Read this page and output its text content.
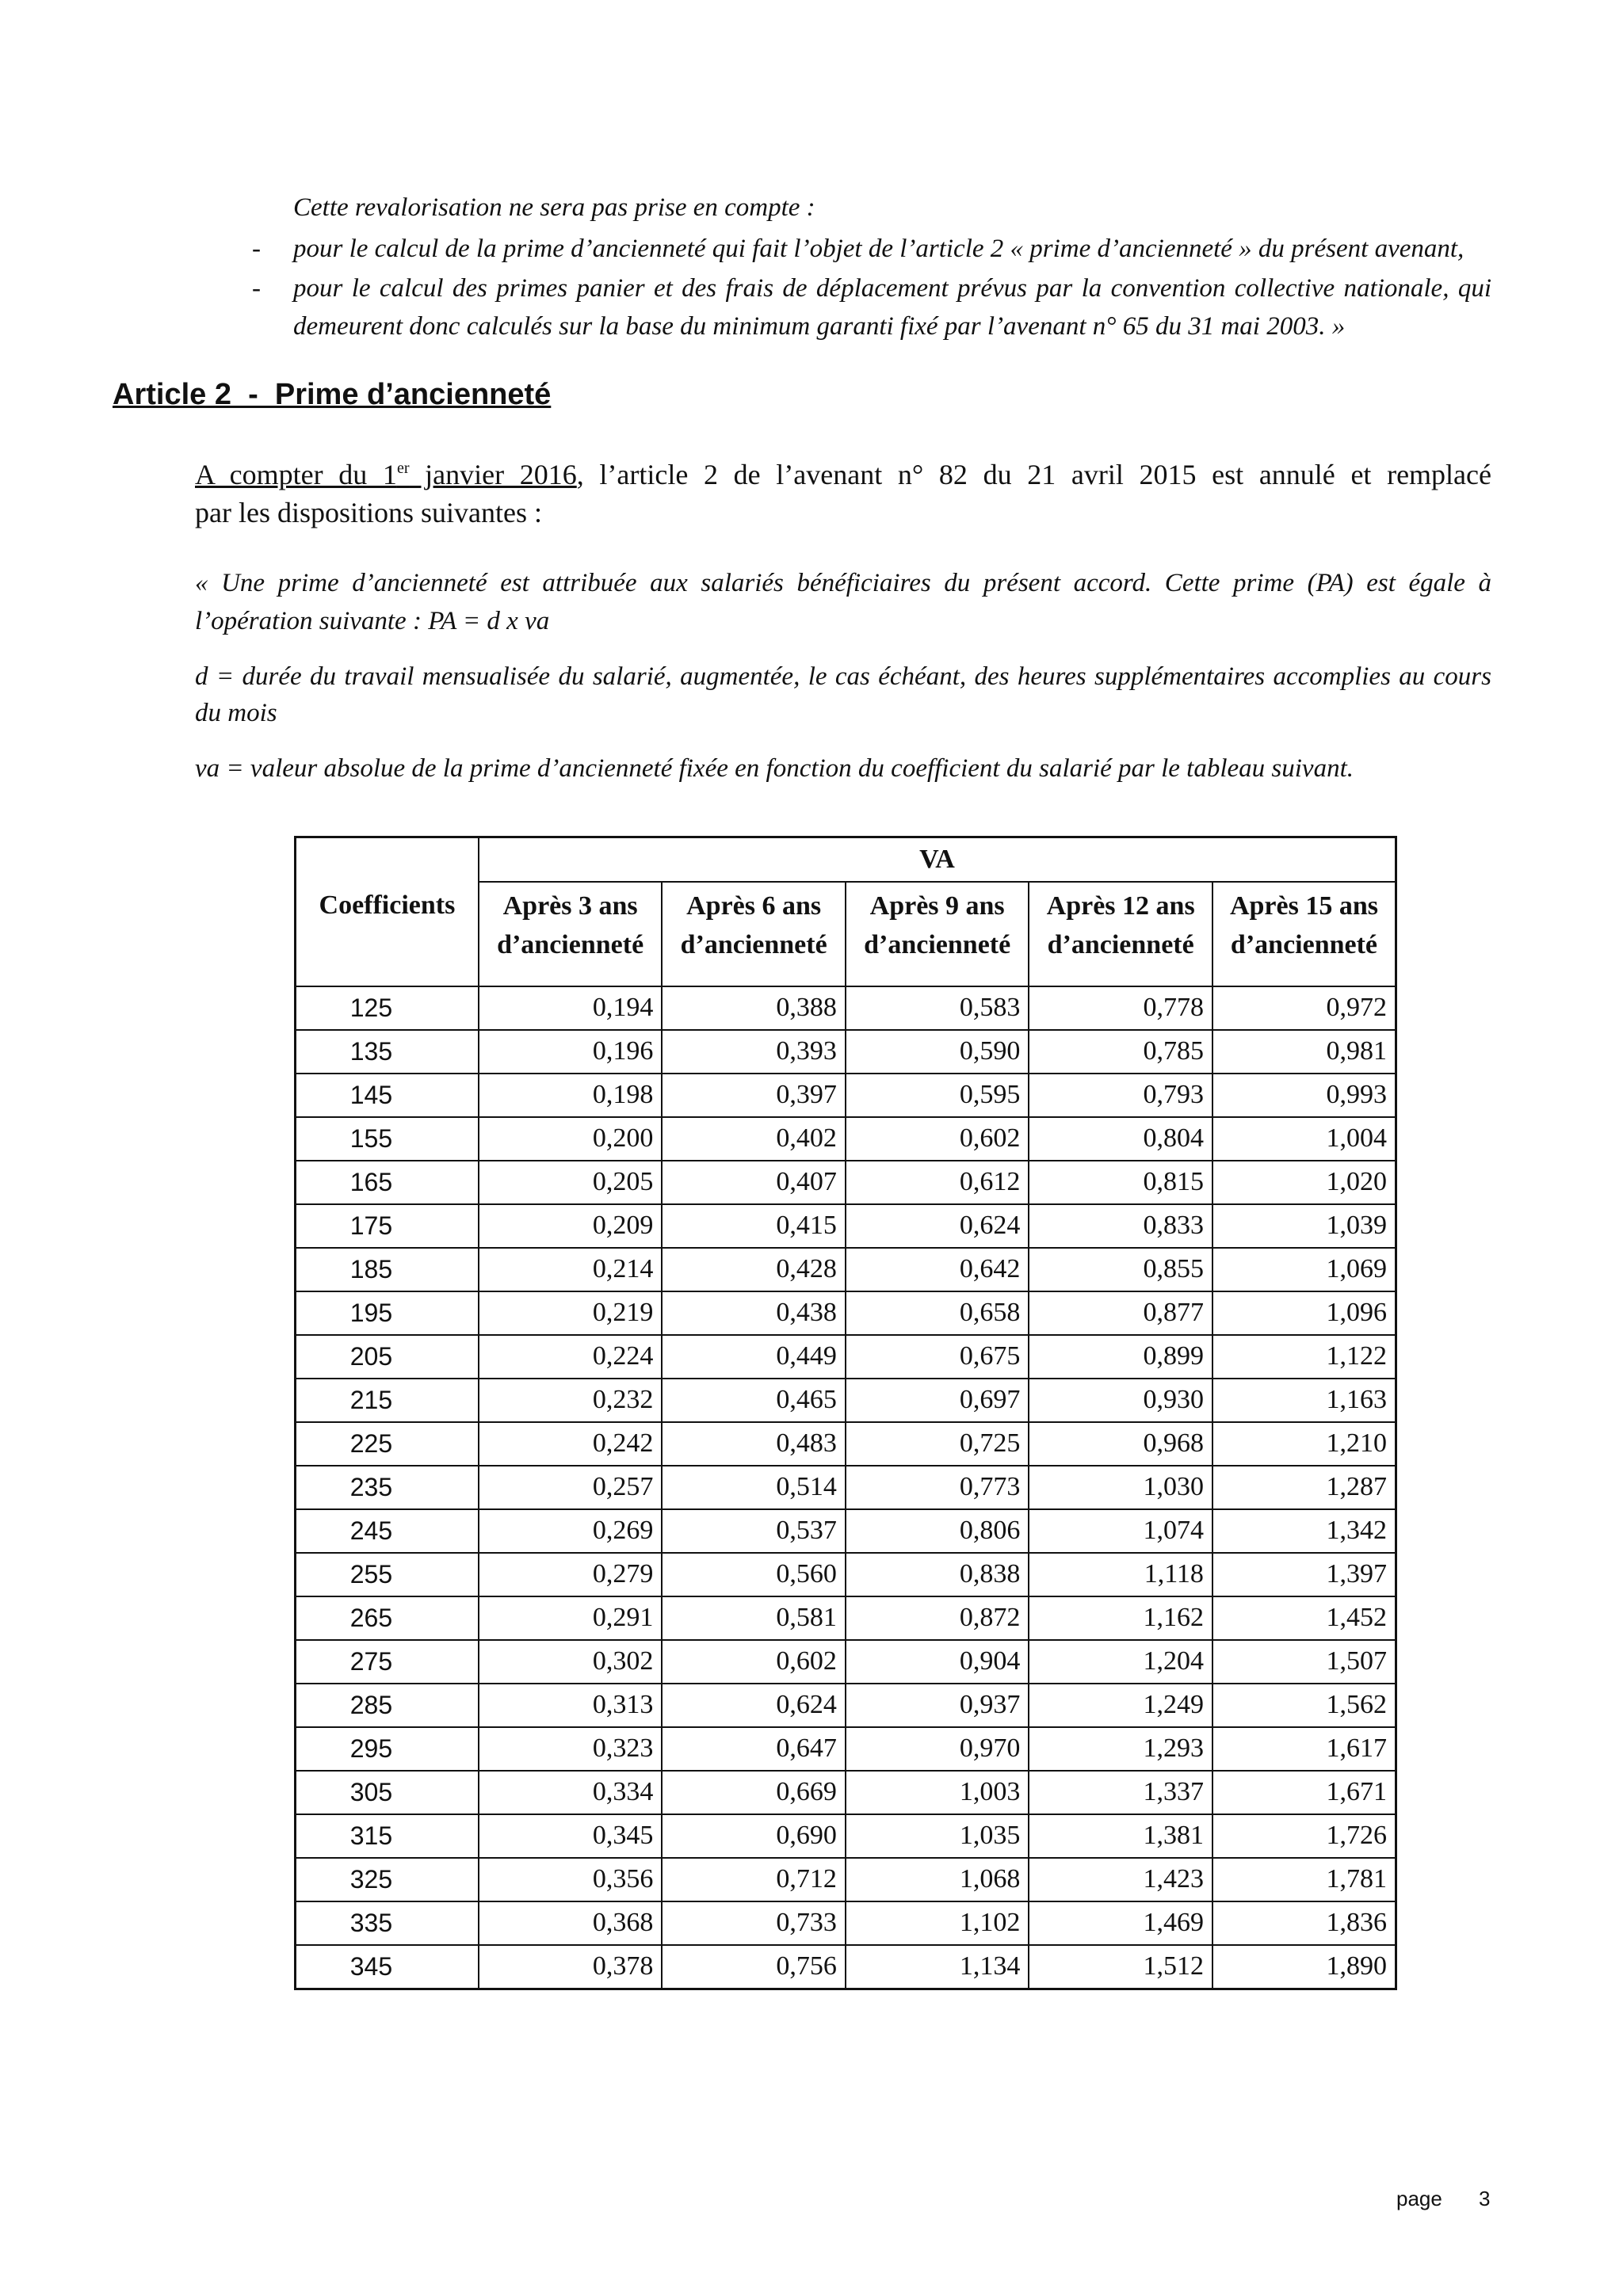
Cette revalorisation ne sera pas prise en compte :
- pour le calcul de la prime d’ancienneté qui fait l’objet de l’article 2 « prime d’ancienneté » du présent avenant,
- pour le calcul des primes panier et des frais de déplacement prévus par la convention collective nationale, qui
demeurent donc calculés sur la base du minimum garanti fixé par l’avenant n° 65 du 31 mai 2003. »
Article 2  -  Prime d’ancienneté
A compter du 1er janvier 2016, l’article 2 de l’avenant n° 82 du 21 avril 2015 est annulé et remplacé
par les dispositions suivantes :
« Une prime d’ancienneté est attribuée aux salariés bénéficiaires du présent accord. Cette prime (PA) est égale à
l’opération suivante : PA = d x va
d = durée du travail mensualisée du salarié, augmentée, le cas échéant, des heures supplémentaires accomplies au cours
du mois
va = valeur absolue de la prime d’ancienneté fixée en fonction du coefficient du salarié par le tableau suivant.
	VA				
Coefficients	Après 3 ans	Après 6 ans	Après 9 ans	Après 12 ans	Après 15 ans
	d’ancienneté	d’ancienneté	d’ancienneté	d’ancienneté	d’ancienneté
125	0,194	0,388	0,583	0,778	0,972
135	0,196	0,393	0,590	0,785	0,981
145	0,198	0,397	0,595	0,793	0,993
155	0,200	0,402	0,602	0,804	1,004
165	0,205	0,407	0,612	0,815	1,020
175	0,209	0,415	0,624	0,833	1,039
185	0,214	0,428	0,642	0,855	1,069
195	0,219	0,438	0,658	0,877	1,096
205	0,224	0,449	0,675	0,899	1,122
215	0,232	0,465	0,697	0,930	1,163
225	0,242	0,483	0,725	0,968	1,210
235	0,257	0,514	0,773	1,030	1,287
245	0,269	0,537	0,806	1,074	1,342
255	0,279	0,560	0,838	1,118	1,397
265	0,291	0,581	0,872	1,162	1,452
275	0,302	0,602	0,904	1,204	1,507
285	0,313	0,624	0,937	1,249	1,562
295	0,323	0,647	0,970	1,293	1,617
305	0,334	0,669	1,003	1,337	1,671
315	0,345	0,690	1,035	1,381	1,726
325	0,356	0,712	1,068	1,423	1,781
335	0,368	0,733	1,102	1,469	1,836
345	0,378	0,756	1,134	1,512	1,890
page 3
